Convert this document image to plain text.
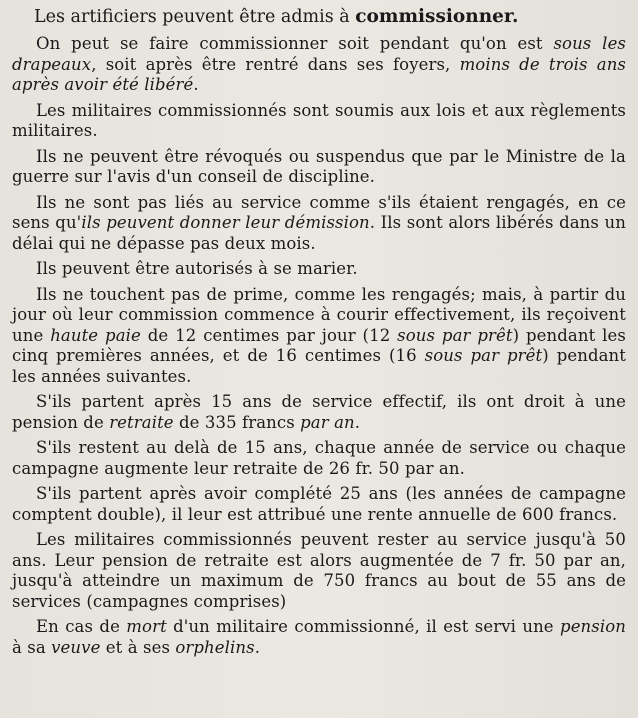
Les artificiers peuvent être admis à commissionner.

On peut se faire commissionner soit pendant qu'on est sous les drapeaux, soit après être rentré dans ses foyers, moins de trois ans après avoir été libéré.

Les militaires commissionnés sont soumis aux lois et aux règlements militaires.

Ils ne peuvent être révoqués ou suspendus que par le Ministre de la guerre sur l'avis d'un conseil de discipline.

Ils ne sont pas liés au service comme s'ils étaient rengagés, en ce sens qu'ils peuvent donner leur démission. Ils sont alors libérés dans un délai qui ne dépasse pas deux mois.

Ils peuvent être autorisés à se marier.

Ils ne touchent pas de prime, comme les rengagés; mais, à partir du jour où leur commission commence à courir effectivement, ils reçoivent une haute paie de 12 centimes par jour (12 sous par prêt) pendant les cinq premières années, et de 16 centimes (16 sous par prêt) pendant les années suivantes.

S'ils partent après 15 ans de service effectif, ils ont droit à une pension de retraite de 335 francs par an.

S'ils restent au delà de 15 ans, chaque année de service ou chaque campagne augmente leur retraite de 26 fr. 50 par an.

S'ils partent après avoir complété 25 ans (les années de campagne comptent double), il leur est attribué une rente annuelle de 600 francs.

Les militaires commissionnés peuvent rester au service jusqu'à 50 ans. Leur pension de retraite est alors augmentée de 7 fr. 50 par an, jusqu'à atteindre un maximum de 750 francs au bout de 55 ans de services (campagnes comprises)

En cas de mort d'un militaire commissionné, il est servi une pension à sa veuve et à ses orphelins.
